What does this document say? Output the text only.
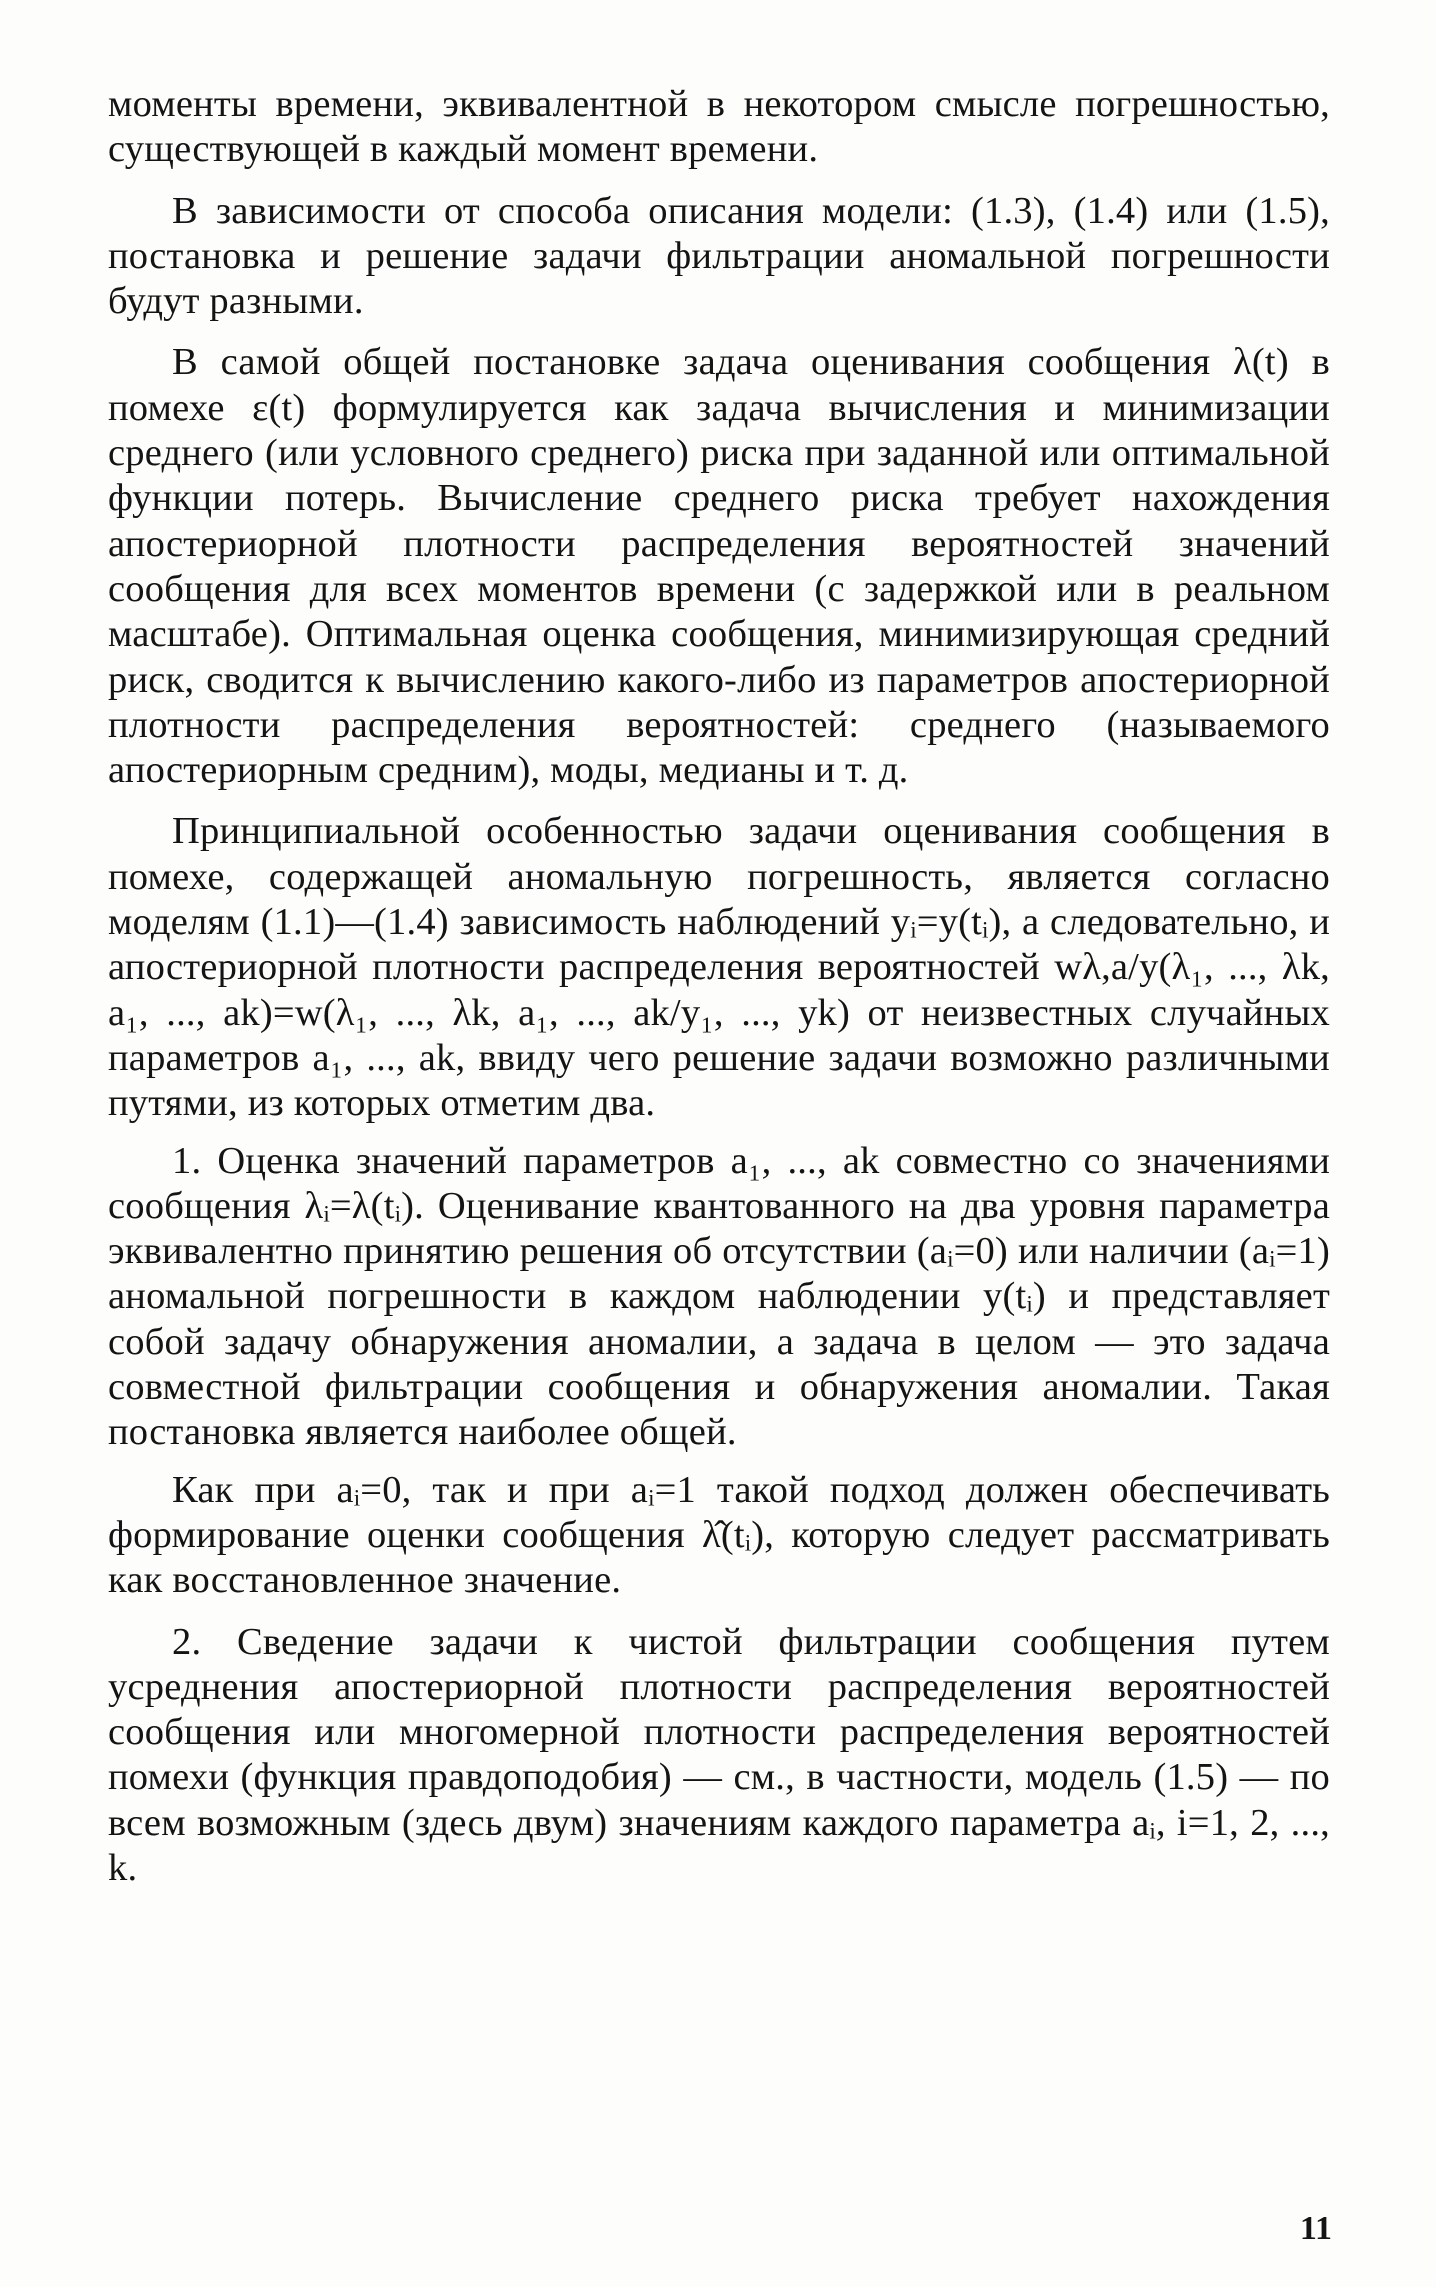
моменты времени, эквивалентной в некотором смысле погрешностью, существующей в каждый момент времени.

В зависимости от способа описания модели: (1.3), (1.4) или (1.5), постановка и решение задачи фильтрации аномальной погрешности будут разными.

В самой общей постановке задача оценивания сообщения λ(t) в помехе ε(t) формулируется как задача вычисления и минимизации среднего (или условного среднего) риска при заданной или оптимальной функции потерь. Вычисление среднего риска требует нахождения апостериорной плотности распределения вероятностей значений сообщения для всех моментов времени (с задержкой или в реальном масштабе). Оптимальная оценка сообщения, минимизирующая средний риск, сводится к вычислению какого-либо из параметров апостериорной плотности распределения вероятностей: среднего (называемого апостериорным средним), моды, медианы и т. д.

Принципиальной особенностью задачи оценивания сообщения в помехе, содержащей аномальную погрешность, является согласно моделям (1.1)—(1.4) зависимость наблюдений yᵢ=y(tᵢ), а следовательно, и апостериорной плотности распределения вероятностей wλ,a/y(λ₁, ..., λk, a₁, ..., ak)=w(λ₁, ..., λk, a₁, ..., ak/y₁, ..., yk) от неизвестных случайных параметров a₁, ..., ak, ввиду чего решение задачи возможно различными путями, из которых отметим два.

1. Оценка значений параметров a₁, ..., ak совместно со значениями сообщения λᵢ=λ(tᵢ). Оценивание квантованного на два уровня параметра эквивалентно принятию решения об отсутствии (aᵢ=0) или наличии (aᵢ=1) аномальной погрешности в каждом наблюдении y(tᵢ) и представляет собой задачу обнаружения аномалии, а задача в целом — это задача совместной фильтрации сообщения и обнаружения аномалии. Такая постановка является наиболее общей.

Как при aᵢ=0, так и при aᵢ=1 такой подход должен обеспечивать формирование оценки сообщения λ̂(tᵢ), которую следует рассматривать как восстановленное значение.

2. Сведение задачи к чистой фильтрации сообщения путем усреднения апостериорной плотности распределения вероятностей сообщения или многомерной плотности распределения вероятностей помехи (функция правдоподобия) — см., в частности, модель (1.5) — по всем возможным (здесь двум) значениям каждого параметра aᵢ, i=1, 2, ..., k.

11
